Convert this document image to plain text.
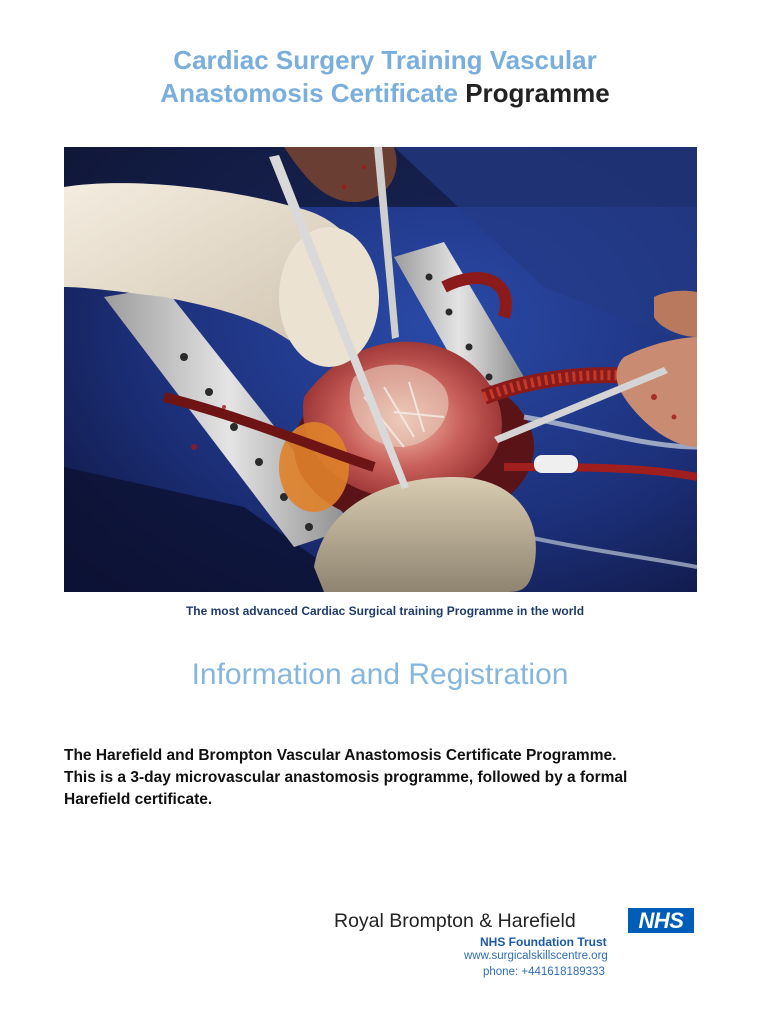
Cardiac Surgery Training Vascular
Anastomosis Certificate Programme
The most advanced Cardiac Surgical training Programme in the world
Information and Registration

The Harefield and Brompton Vascular Anastomosis Certificate Programme.

This is a 3-day microvascular anastomosis programme, followed by a formal

Harefield certificate.

Royal Brompton & Harefield	NHS
NHS Foundation Trust
www.surgicalskillscentre.org
phone: +441618189333
